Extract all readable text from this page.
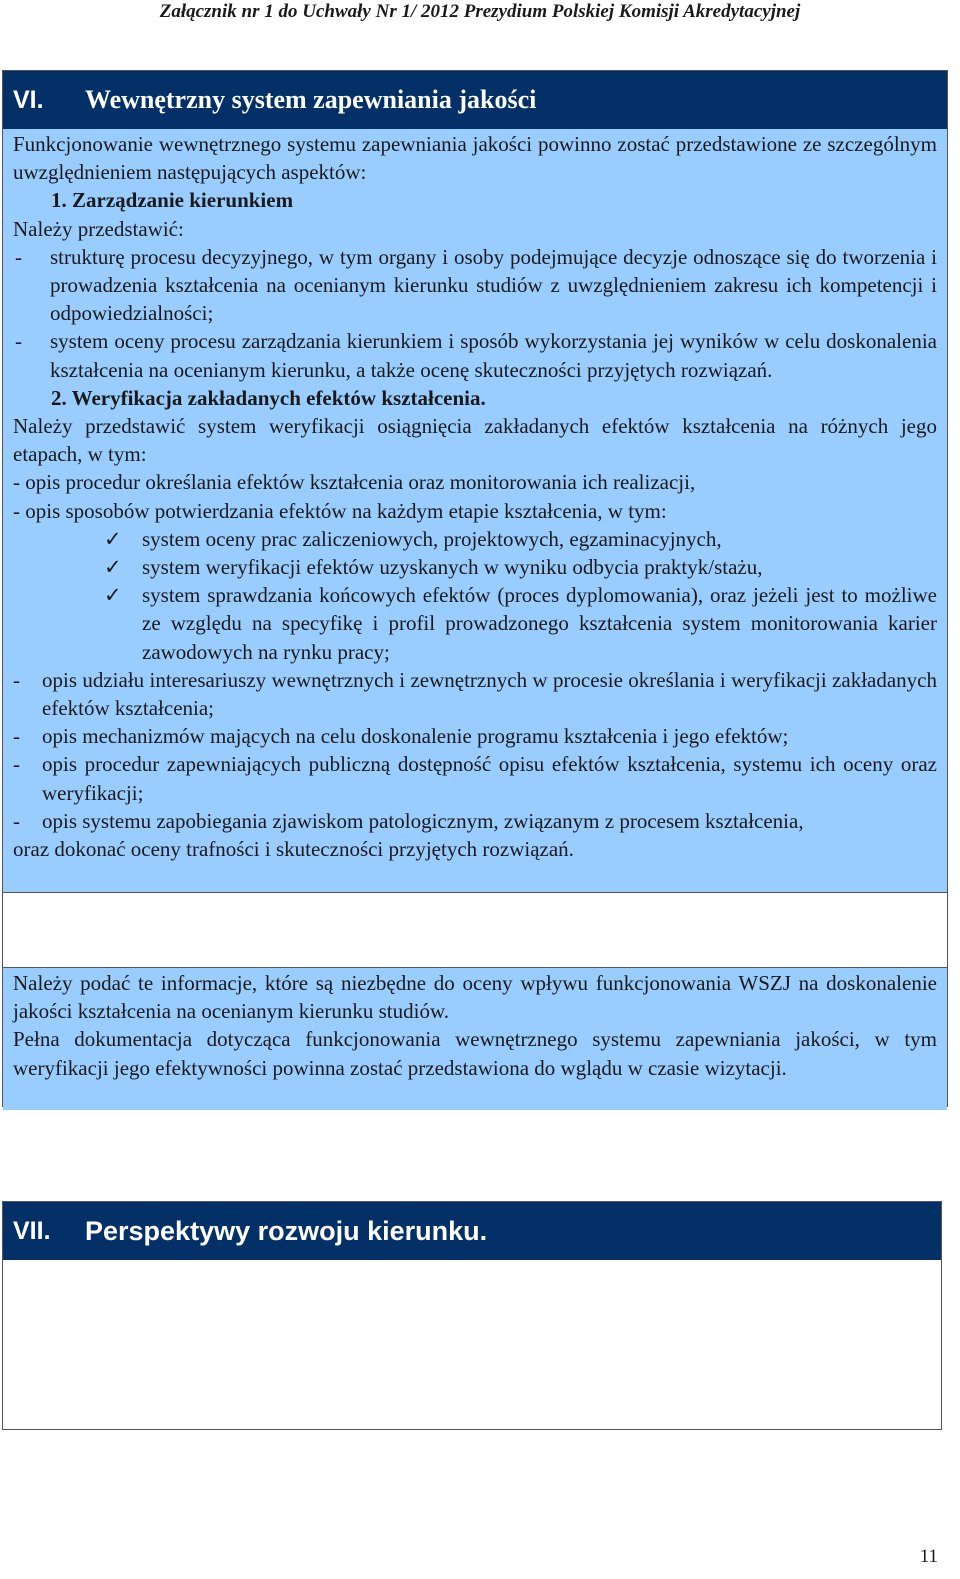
Załącznik nr 1 do Uchwały Nr 1/ 2012 Prezydium Polskiej Komisji Akredytacyjnej
VI.	Wewnętrzny system zapewniania jakości
Funkcjonowanie wewnętrznego systemu zapewniania jakości powinno zostać przedstawione ze szczególnym uwzględnieniem następujących aspektów:
1. Zarządzanie kierunkiem
Należy przedstawić:
-	strukturę procesu decyzyjnego, w tym organy i osoby podejmujące decyzje odnoszące się do tworzenia i prowadzenia kształcenia na ocenianym kierunku studiów z uwzględnieniem zakresu ich kompetencji i odpowiedzialności;
-	system oceny procesu zarządzania kierunkiem i sposób wykorzystania jej wyników w celu doskonalenia kształcenia na ocenianym kierunku, a także ocenę skuteczności przyjętych rozwiązań.
2. Weryfikacja zakładanych efektów kształcenia.
Należy przedstawić system weryfikacji osiągnięcia zakładanych efektów kształcenia na różnych jego etapach, w tym:
- opis procedur określania efektów kształcenia oraz monitorowania ich realizacji,
- opis sposobów potwierdzania efektów na każdym etapie kształcenia, w tym:
✓ system oceny prac zaliczeniowych, projektowych, egzaminacyjnych,
✓ system weryfikacji efektów uzyskanych w wyniku odbycia praktyk/stażu,
✓ system sprawdzania końcowych efektów (proces dyplomowania), oraz jeżeli jest to możliwe ze względu na specyfikę i profil prowadzonego kształcenia system monitorowania karier zawodowych na rynku pracy;
-	opis udziału interesariuszy wewnętrznych i zewnętrznych w procesie określania i weryfikacji zakładanych efektów kształcenia;
-	opis mechanizmów mających na celu doskonalenie programu kształcenia i jego efektów;
-	opis procedur zapewniających publiczną dostępność opisu efektów kształcenia, systemu ich oceny oraz weryfikacji;
-	opis systemu zapobiegania zjawiskom patologicznym, związanym z procesem kształcenia,
oraz dokonać oceny trafności i skuteczności przyjętych rozwiązań.
Należy podać te informacje, które są niezbędne do oceny wpływu funkcjonowania WSZJ na doskonalenie jakości kształcenia na ocenianym kierunku studiów.
Pełna dokumentacja dotycząca funkcjonowania wewnętrznego systemu zapewniania jakości, w tym weryfikacji jego efektywności powinna zostać przedstawiona do wglądu w czasie wizytacji.
VII.	Perspektywy rozwoju kierunku.
11
